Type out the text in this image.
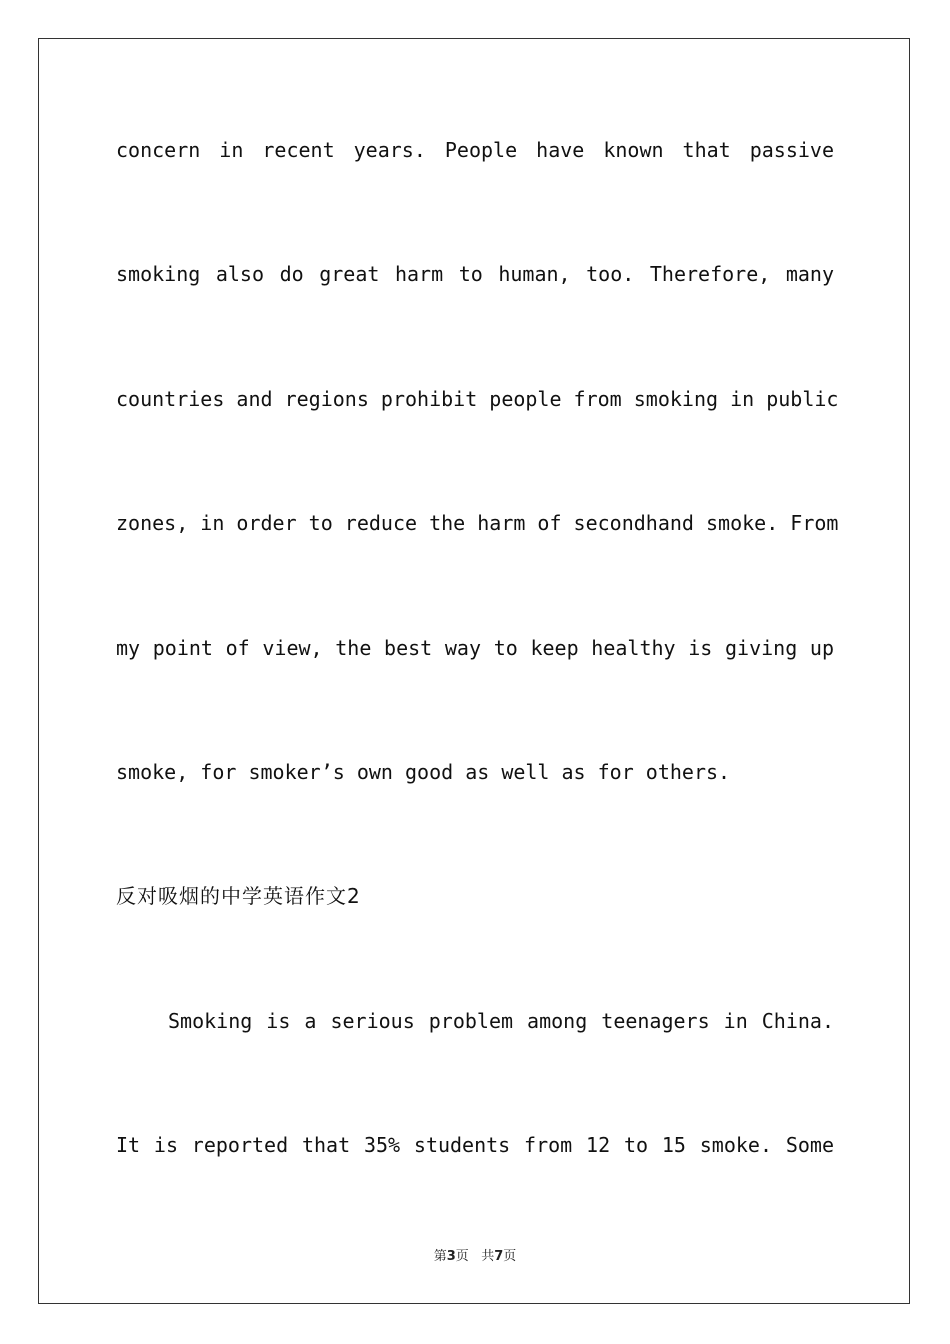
concern in recent years. People have known that passive
smoking also do great harm to human, too. Therefore, many
countries and regions prohibit people from smoking in public
zones, in order to reduce the harm of secondhand smoke. From
my point of view, the best way to keep healthy is giving up
smoke, for smoker’s own good as well as for others.
反对吸烟的中学英语作文2
Smoking is a serious problem among teenagers in China.
It is reported that 35% students from 12 to 15 smoke. Some
第3页 共7页
